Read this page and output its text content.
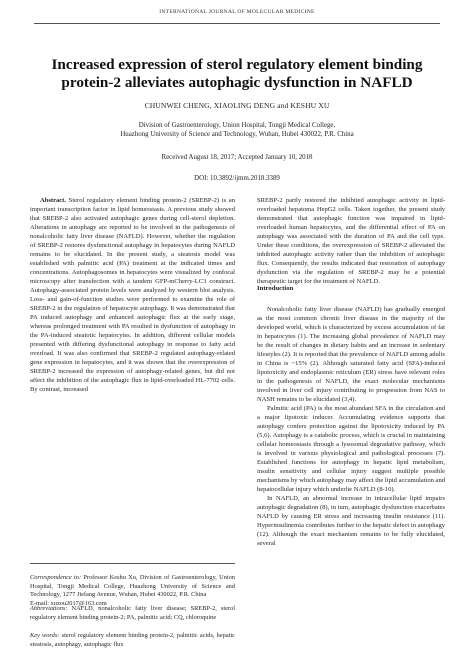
INTERNATIONAL JOURNAL OF MOLECULAR MEDICINE
Increased expression of sterol regulatory element binding
protein-2 alleviates autophagic dysfunction in NAFLD
CHUNWEI CHENG, XIAOLING DENG and KESHU XU
Division of Gastroenterology, Union Hospital, Tongji Medical College,
Huazhong University of Science and Technology, Wuhan, Hubei 430022, P.R. China
Received August 18, 2017; Accepted January 10, 2018
DOI: 10.3892/ijmm.2018.3389

Abstract. Sterol regulatory element binding protein-2 (SREBP-2) is an important transcription factor in lipid homeostasis. A previous study showed that SREBP-2 also activated autophagic genes during cell-sterol depletion. Alterations in autophagy are reported to be involved in the pathogenesis of nonalcoholic fatty liver disease (NAFLD). However, whether the regulation of SREBP-2 restores dysfunctional autophagy in hepatocytes during NAFLD remains to be elucidated. In the present study, a steatosis model was established with palmitic acid (PA) treatment at the indicated times and concentrations. Autophagosomes in hepatocytes were visualized by confocal microscopy after transfection with a tandem GFP-mCherry-LC3 construct. Autophagy-associated protein levels were analyzed by western blot analysis. Loss- and gain-of-function studies were performed to examine the role of SREBP-2 in the regulation of hepatocyte autophagy. It was demonstrated that PA induced autophagy and enhanced autophagic flux at the early stage, whereas prolonged treatment with PA resulted in dysfunction of autophagy in the PA-induced steatotic hepatocytes. In addition, different cellular models presented with differing dysfunctional autophagy in response to fatty acid overload. It was also confirmed that SREBP-2 regulated autophagy-related gene expression in hepatocytes, and it was shown that the overexpression of SREBP-2 increased the expression of autophagy-related genes, but did not affect the inhibition of the autophagic flux in lipid-overloaded HL-7702 cells. By contrast, increased

SREBP-2 partly restored the inhibited autophagic activity in lipid-overloaded hepatoma HepG2 cells. Taken together, the present study demonstrated that autophagic function was impaired in lipid-overloaded human hepatocytes, and the differential effect of PA on autophagy was associated with the duration of PA and the cell type. Under these conditions, the overexpression of SREBP-2 alleviated the inhibited autophagic activity rather than the inhibition of autophagic flux. Consequently, the results indicated that restoration of autophagy dysfunction via the regulation of SREBP-2 may be a potential therapeutic target for the treatment of NAFLD.

Introduction

Nonalcoholic fatty liver disease (NAFLD) has gradually emerged as the most common chronic liver disease in the majority of the developed world, which is characterized by excess accumulation of fat in hepatocytes (1). The increasing global prevalence of NAFLD may be the result of changes in dietary habits and an increase in sedentary lifestyles (2). It is reported that the prevalence of NAFLD among adults in China is ~15% (2). Although saturated fatty acid (SFA)-induced lipotoxicity and endoplasmic reticulum (ER) stress have relevant roles in the pathogenesis of NAFLD, the exact molecular mechanisms involved in liver cell injury contributing to progression from NAS to NASH remains to be elucidated (3,4).

Palmitic acid (PA) is the most abundant SFA in the circulation and a major lipotoxic inducer. Accumulating evidence supports that autophagy confers protection against the lipotoxicity induced by PA (5,6). Autophagy is a catabolic process, which is crucial in maintaining cellular homeostasis through a lysosomal degradative pathway, which is involved in various physiological and pathological processes (7). Established functions for autophagy in hepatic lipid metabolism, insulin sensitivity and cellular injury suggest multiple possible mechanisms by which autophagy may affect the lipid accumulation and hepatocellular injury which underlie NAFLD (8-10).

In NAFLD, an abnormal increase in intracellular lipid impairs autophagic degradation (8), in turn, autophagic dysfunction exacerbates NAFLD by causing ER stress and increasing insulin resistance (11). Hyperinsulinemia contributes further to the hepatic defect in autophagy (12). Although the exact mechanism remains to be fully elucidated, several

Correspondence to: Professor Keshu Xu, Division of Gastroenterology, Union Hospital, Tongji Medical College, Huazhong University of Science and Technology, 1277 Jiefang Avenue, Wuhan, Hubei 430022, P.R. China
E-mail: xuzou2017@163.com
Abbreviations: NAFLD, nonalcoholic fatty liver disease; SREBP-2, sterol regulatory element binding protein-2; PA, palmitic acid; CQ, chloroquine
Key words: sterol regulatory element binding protein-2, palmitic acids, hepatic steatosis, autophagy, autophagic flux
